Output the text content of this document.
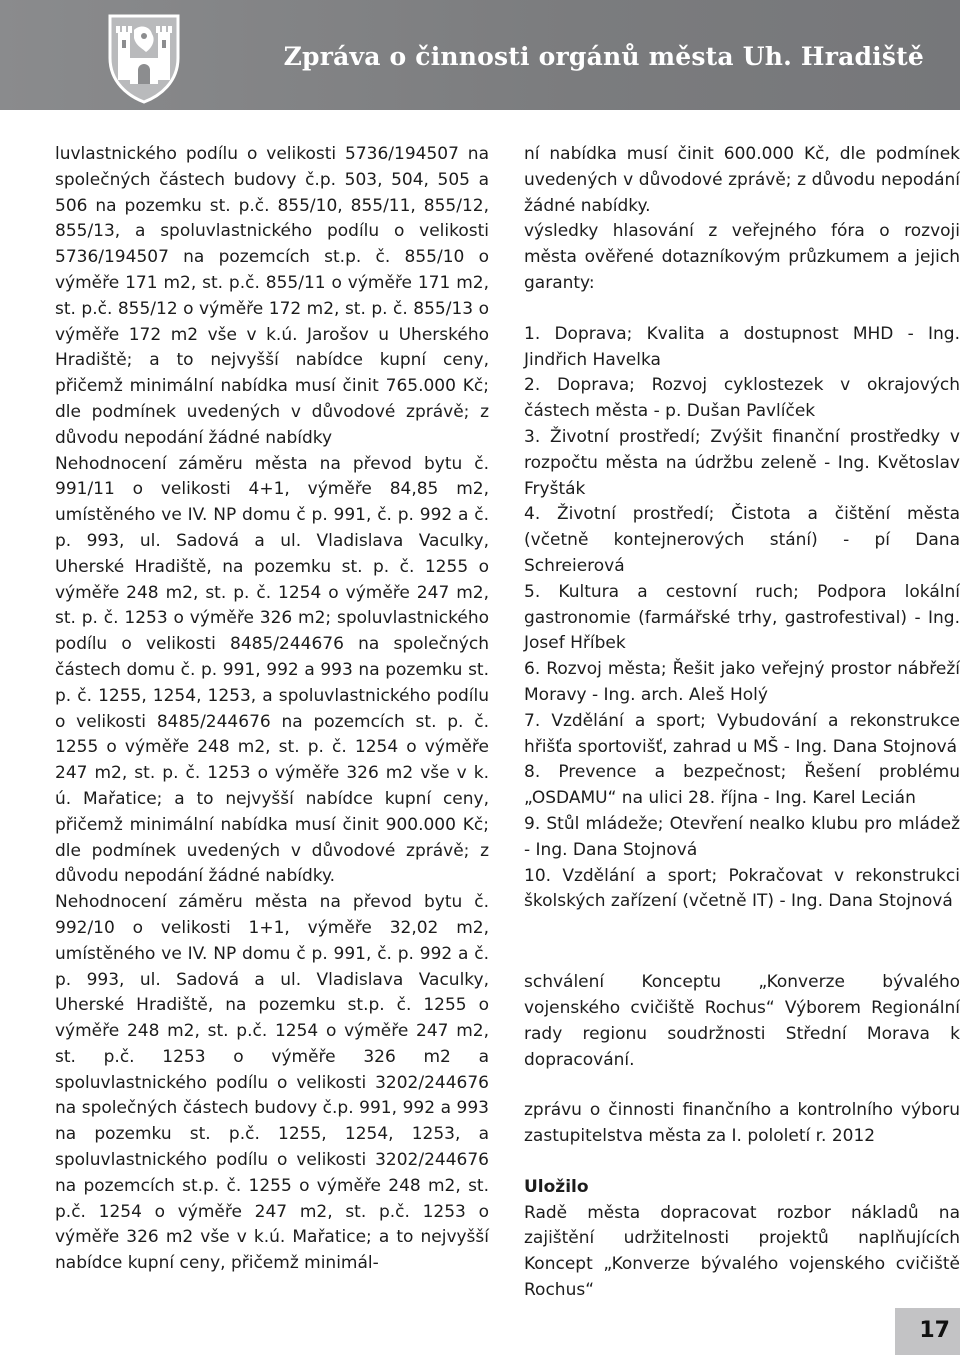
Zpráva o činnosti orgánů města Uh. Hradiště

luvlastnického podílu o velikosti 5736/194507 na společných částech budovy č.p. 503, 504, 505 a 506 na pozemku st. p.č. 855/10, 855/11, 855/12, 855/13, a spoluvlastnického podílu o velikosti 5736/194507 na pozemcích st.p. č. 855/10 o výměře 171 m2, st. p.č. 855/11 o výměře 171 m2, st. p.č. 855/12 o výměře 172 m2, st. p. č. 855/13 o výměře 172 m2 vše v k.ú. Jarošov u Uherského Hradiště; a to nejvyšší nabídce kupní ceny, přičemž minimální nabídka musí činit 765.000 Kč; dle podmínek uvedených v důvodové zprávě; z důvodu nepodání žádné nabídky

Nehodnocení záměru města na převod bytu č. 991/11 o velikosti 4+1, výměře 84,85 m2, umístěného ve IV. NP domu č p. 991, č. p. 992 a č. p. 993, ul. Sadová a ul. Vladislava Vaculky, Uherské Hradiště, na pozemku st. p. č. 1255 o výměře 248 m2, st. p. č. 1254 o výměře 247 m2, st. p. č. 1253 o výměře 326 m2; spoluvlastnického podílu o velikosti 8485/244676 na společných částech domu č. p. 991, 992 a 993 na pozemku st. p. č. 1255, 1254, 1253, a spoluvlastnického podílu o velikosti 8485/244676 na pozemcích st. p. č. 1255 o výměře 248 m2, st. p. č. 1254 o výměře 247 m2, st. p. č. 1253 o výměře 326 m2 vše v k. ú. Mařatice; a to nejvyšší nabídce kupní ceny, přičemž minimální nabídka musí činit 900.000 Kč; dle podmínek uvedených v důvodové zprávě; z důvodu nepodání žádné nabídky.

Nehodnocení záměru města na převod bytu č. 992/10 o velikosti 1+1, výměře 32,02 m2, umístěného ve IV. NP domu č p. 991, č. p. 992 a č. p. 993, ul. Sadová a ul. Vladislava Vaculky, Uherské Hradiště, na pozemku st.p. č. 1255 o výměře 248 m2, st. p.č. 1254 o výměře 247 m2, st. p.č. 1253 o výměře 326 m2 a spoluvlastnického podílu o velikosti 3202/244676 na společných částech budovy č.p. 991, 992 a 993 na pozemku st. p.č. 1255, 1254, 1253, a spoluvlastnického podílu o velikosti 3202/244676 na pozemcích st.p. č. 1255 o výměře 248 m2, st. p.č. 1254 o výměře 247 m2, st. p.č. 1253 o výměře 326 m2 vše v k.ú. Mařatice; a to nejvyšší nabídce kupní ceny, přičemž minimál-

ní nabídka musí činit 600.000 Kč, dle podmínek uvedených v důvodové zprávě; z důvodu nepodání žádné nabídky.

výsledky hlasování z veřejného fóra o rozvoji města ověřené dotazníkovým průzkumem a jejich garanty:

1. Doprava; Kvalita a dostupnost MHD - Ing. Jindřich Havelka

2. Doprava; Rozvoj cyklostezek v okrajových částech města - p. Dušan Pavlíček

3. Životní prostředí; Zvýšit finanční prostředky v rozpočtu města na údržbu zeleně - Ing. Květoslav Fryšták

4. Životní prostředí; Čistota a čištění města (včetně kontejnerových stání) - pí Dana Schreierová

5. Kultura a cestovní ruch; Podpora lokální gastronomie (farmářské trhy, gastrofestival) - Ing. Josef Hříbek

6. Rozvoj města; Řešit jako veřejný prostor nábřeží Moravy - Ing. arch. Aleš Holý

7. Vzdělání a sport; Vybudování a rekonstrukce hřišťa sportovišť, zahrad u MŠ - Ing. Dana Stojnová

8. Prevence a bezpečnost; Řešení problému „OSDAMU“ na ulici 28. října - Ing. Karel Lecián

9. Stůl mládeže; Otevření nealko klubu pro mládež - Ing. Dana Stojnová

10. Vzdělání a sport; Pokračovat v rekonstrukci školských zařízení (včetně IT) - Ing. Dana Stojnová

schválení Konceptu „Konverze bývalého vojenského cvičiště Rochus“ Výborem Regionální rady regionu soudržnosti Střední Morava k dopracování.

zprávu o činnosti finančního a kontrolního výboru zastupitelstva města za I. pololetí r. 2012

Uložilo

Radě města dopracovat rozbor nákladů na zajištění udržitelnosti projektů naplňujících Koncept „Konverze bývalého vojenského cvičiště Rochus“

17
